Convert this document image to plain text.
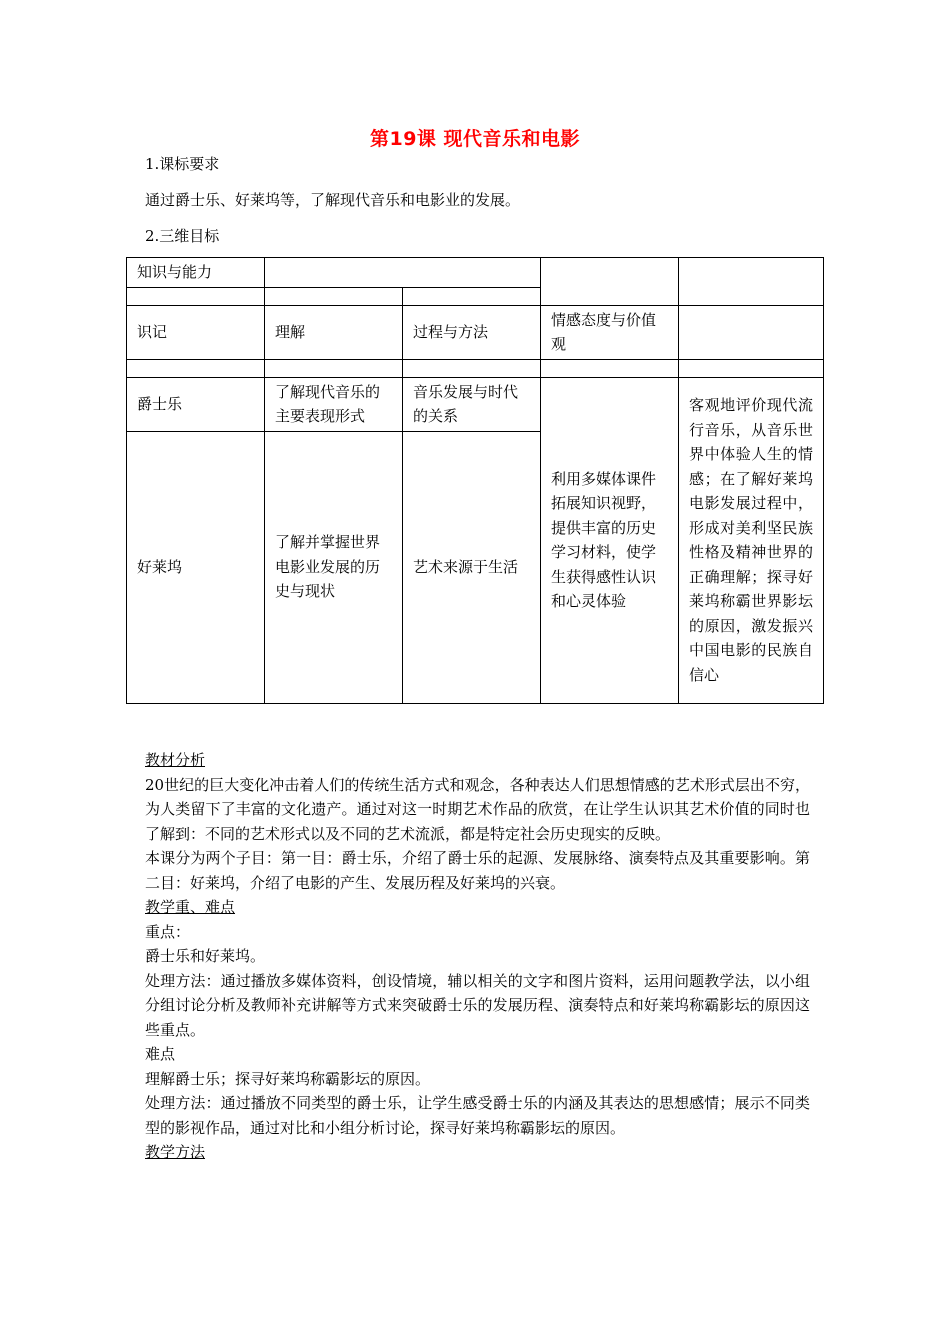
第19课 现代音乐和电影
1.课标要求
通过爵士乐、好莱坞等，了解现代音乐和电影业的发展。
2.三维目标
知识与能力				

识记	理解	过程与方法	情感态度与价值观	

爵士乐	了解现代音乐的主要表现形式	音乐发展与时代的关系	利用多媒体课件拓展知识视野，提供丰富的历史学习材料，使学生获得感性认识和心灵体验	客观地评价现代流行音乐，从音乐世界中体验人生的情感；在了解好莱坞电影发展过程中，形成对美利坚民族性格及精神世界的正确理解；探寻好莱坞称霸世界影坛的原因，激发振兴中国电影的民族自信心
好莱坞	了解并掌握世界电影业发展的历史与现状	艺术来源于生活		

教材分析

20世纪的巨大变化冲击着人们的传统生活方式和观念，各种表达人们思想情感的艺术形式层出不穷，为人类留下了丰富的文化遗产。通过对这一时期艺术作品的欣赏，在让学生认识其艺术价值的同时也了解到：不同的艺术形式以及不同的艺术流派，都是特定社会历史现实的反映。

本课分为两个子目：第一目：爵士乐，介绍了爵士乐的起源、发展脉络、演奏特点及其重要影响。第二目：好莱坞，介绍了电影的产生、发展历程及好莱坞的兴衰。

教学重、难点

重点：

爵士乐和好莱坞。

处理方法：通过播放多媒体资料，创设情境，辅以相关的文字和图片资料，运用问题教学法，以小组分组讨论分析及教师补充讲解等方式来突破爵士乐的发展历程、演奏特点和好莱坞称霸影坛的原因这些重点。

难点

理解爵士乐；探寻好莱坞称霸影坛的原因。

处理方法：通过播放不同类型的爵士乐，让学生感受爵士乐的内涵及其表达的思想感情；展示不同类型的影视作品，通过对比和小组分析讨论，探寻好莱坞称霸影坛的原因。

教学方法
